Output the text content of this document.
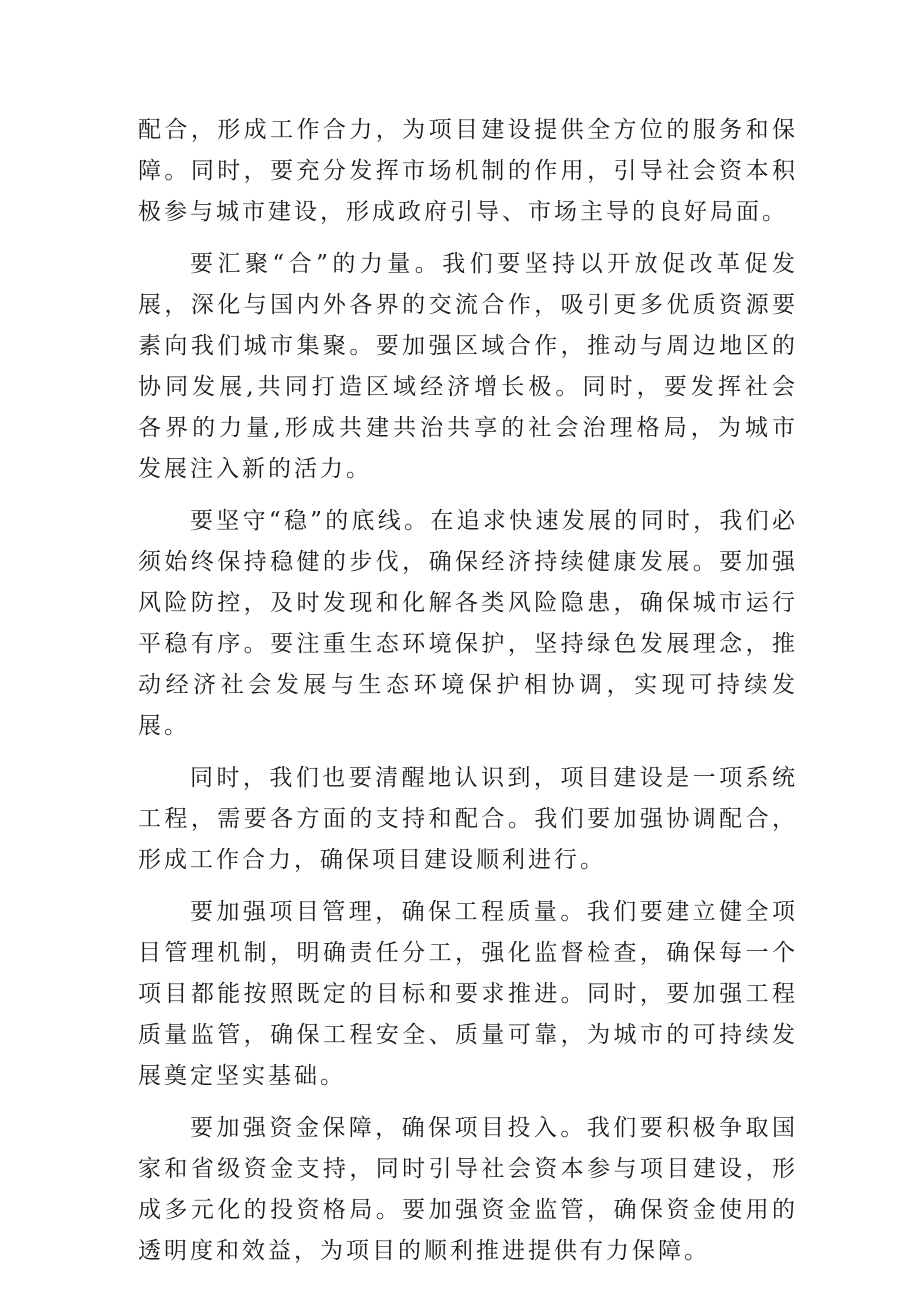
配合，形成工作合力，为项目建设提供全方位的服务和保障。同时，要充分发挥市场机制的作用，引导社会资本积极参与城市建设，形成政府引导、市场主导的良好局面。

要汇聚“合”的力量。我们要坚持以开放促改革促发展，深化与国内外各界的交流合作，吸引更多优质资源要素向我们城市集聚。要加强区域合作，推动与周边地区的协同发展,共同打造区域经济增长极。同时，要发挥社会各界的力量,形成共建共治共享的社会治理格局，为城市发展注入新的活力。

要坚守“稳”的底线。在追求快速发展的同时，我们必须始终保持稳健的步伐，确保经济持续健康发展。要加强风险防控，及时发现和化解各类风险隐患，确保城市运行平稳有序。要注重生态环境保护，坚持绿色发展理念，推动经济社会发展与生态环境保护相协调，实现可持续发展。

同时，我们也要清醒地认识到，项目建设是一项系统工程，需要各方面的支持和配合。我们要加强协调配合，形成工作合力，确保项目建设顺利进行。

要加强项目管理，确保工程质量。我们要建立健全项目管理机制，明确责任分工，强化监督检查，确保每一个项目都能按照既定的目标和要求推进。同时，要加强工程质量监管，确保工程安全、质量可靠，为城市的可持续发展奠定坚实基础。

要加强资金保障，确保项目投入。我们要积极争取国家和省级资金支持，同时引导社会资本参与项目建设，形成多元化的投资格局。要加强资金监管，确保资金使用的透明度和效益，为项目的顺利推进提供有力保障。
